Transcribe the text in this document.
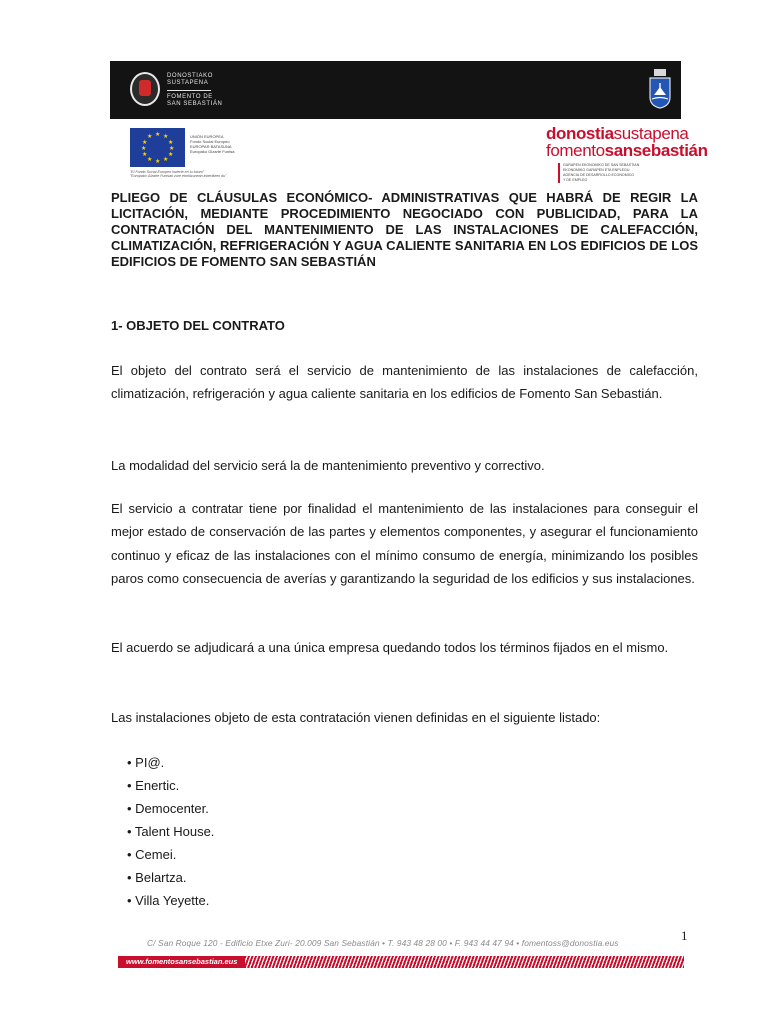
DONOSTIAKO
SUSTAPENA
FOMENTO DE
SAN SEBASTIÁN
★ ★
★
★
★
★
★
★
★
★
★
★	UNIÓN EUROPEA
Fondo Social Europeo
EUROPAR BATASUNA
Europako Gizarte Funtsa
"El Fondo Social Europeo invierte en tu futuro"
"Europako Gizarte Funtsak zure etorkizunean inbertitzen du"
donostiasustapena
fomentosansebastián
GARAPEN EKONOMIKO DE SAN SEBASTIAN
EKONOMIKO GARAPEN ETA ENPLEGU
AGENCIA DE DESARROLLO ECONOMICO
Y DE EMPLEO
PLIEGO DE CLÁUSULAS ECONÓMICO- ADMINISTRATIVAS QUE HABRÁ DE REGIR LA LICITACIÓN, MEDIANTE PROCEDIMIENTO NEGOCIADO CON PUBLICIDAD, PARA LA CONTRATACIÓN DEL MANTENIMIENTO DE LAS INSTALACIONES DE CALEFACCIÓN, CLIMATIZACIÓN, REFRIGERACIÓN Y AGUA CALIENTE SANITARIA EN LOS EDIFICIOS DE LOS EDIFICIOS DE FOMENTO SAN SEBASTIÁN
1- OBJETO DEL CONTRATO

El objeto del contrato será el servicio de mantenimiento de las instalaciones de calefacción, climatización, refrigeración y agua caliente sanitaria en los edificios de Fomento San Sebastián.

La modalidad del servicio será la de mantenimiento preventivo y correctivo.

El servicio a contratar tiene por finalidad el mantenimiento de las instalaciones para conseguir el mejor estado de conservación de las partes y elementos componentes, y asegurar el funcionamiento continuo y eficaz de las instalaciones con el mínimo consumo de energía, minimizando los posibles paros como consecuencia de averías y garantizando la seguridad de los edificios y sus instalaciones.

El acuerdo se adjudicará a una única empresa quedando todos los términos fijados en el mismo.

Las instalaciones objeto de esta contratación vienen definidas en el siguiente listado:

• PI@.
• Enertic.
• Democenter.
• Talent House.
• Cemei.
• Belartza.
• Villa Yeyette.
1
C/ San Roque 120 - Edificio Etxe Zuri- 20.009 San Sebastián • T. 943 48 28 00 • F. 943 44 47 94 • fomentoss@donostia.eus
www.fomentosansebastian.eus
